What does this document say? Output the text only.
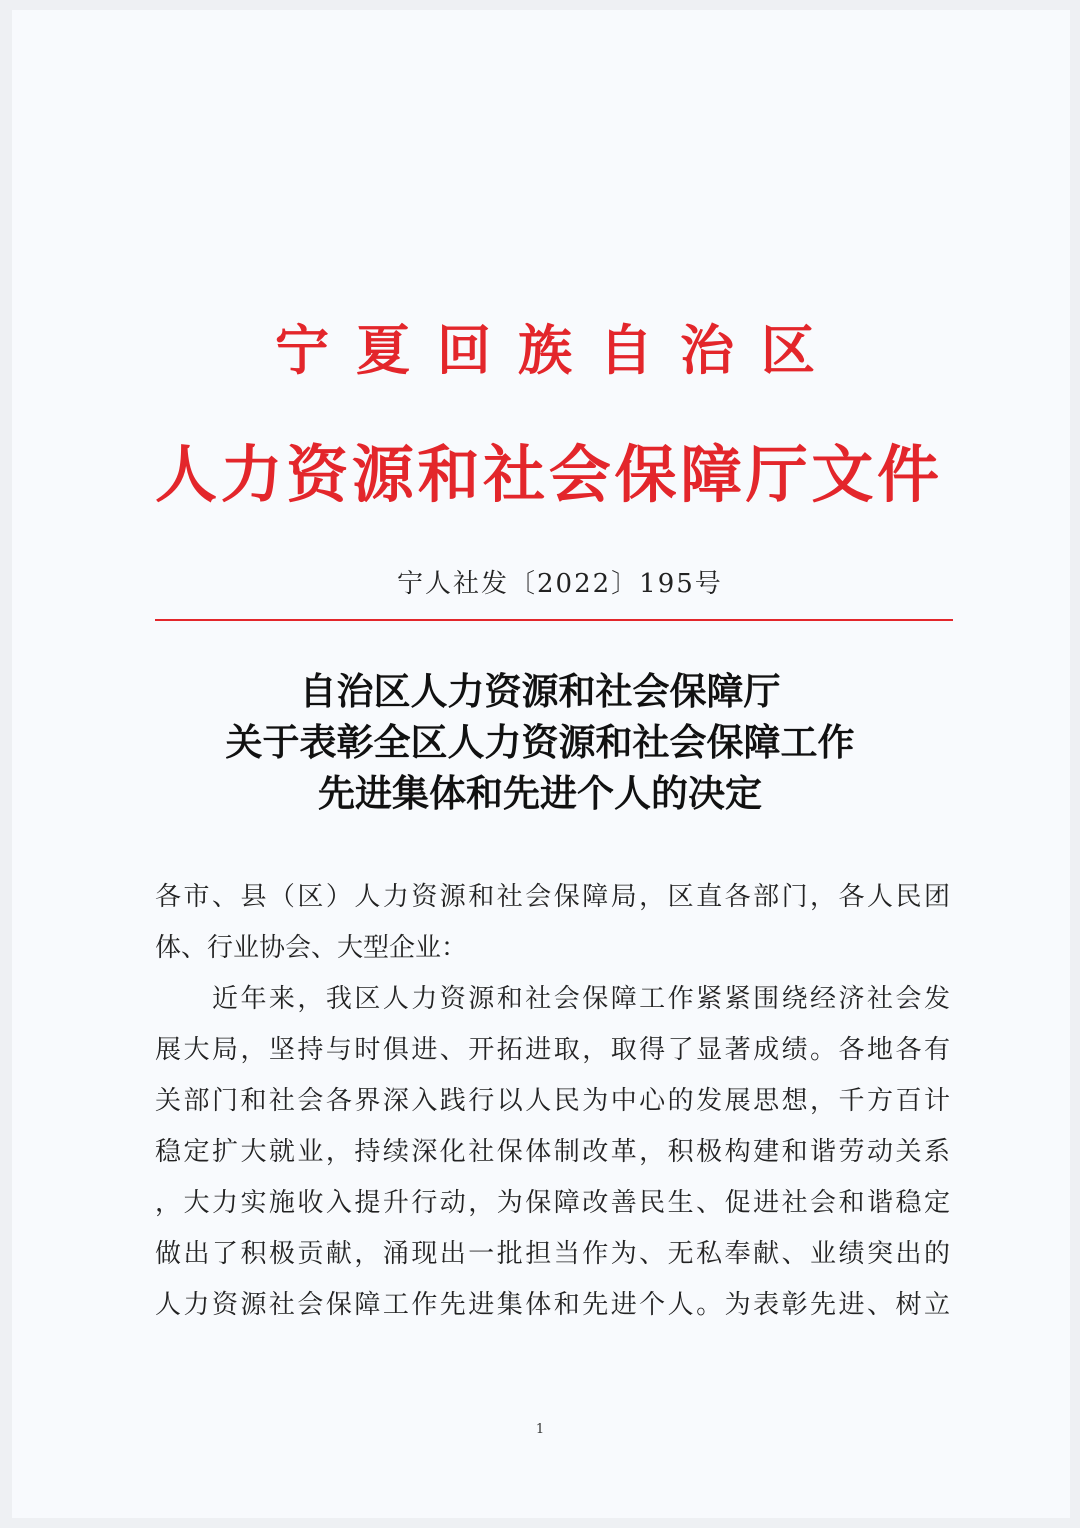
宁夏回族自治区
人力资源和社会保障厅文件
宁人社发〔2022〕195号
自治区人力资源和社会保障厅
关于表彰全区人力资源和社会保障工作
先进集体和先进个人的决定
各市、县（区）人力资源和社会保障局，区直各部门，各人民团
体、行业协会、大型企业：
　　近年来，我区人力资源和社会保障工作紧紧围绕经济社会发
展大局，坚持与时俱进、开拓进取，取得了显著成绩。各地各有
关部门和社会各界深入践行以人民为中心的发展思想，千方百计
稳定扩大就业，持续深化社保体制改革，积极构建和谐劳动关系
，大力实施收入提升行动，为保障改善民生、促进社会和谐稳定
做出了积极贡献，涌现出一批担当作为、无私奉献、业绩突出的
人力资源社会保障工作先进集体和先进个人。为表彰先进、树立
1
